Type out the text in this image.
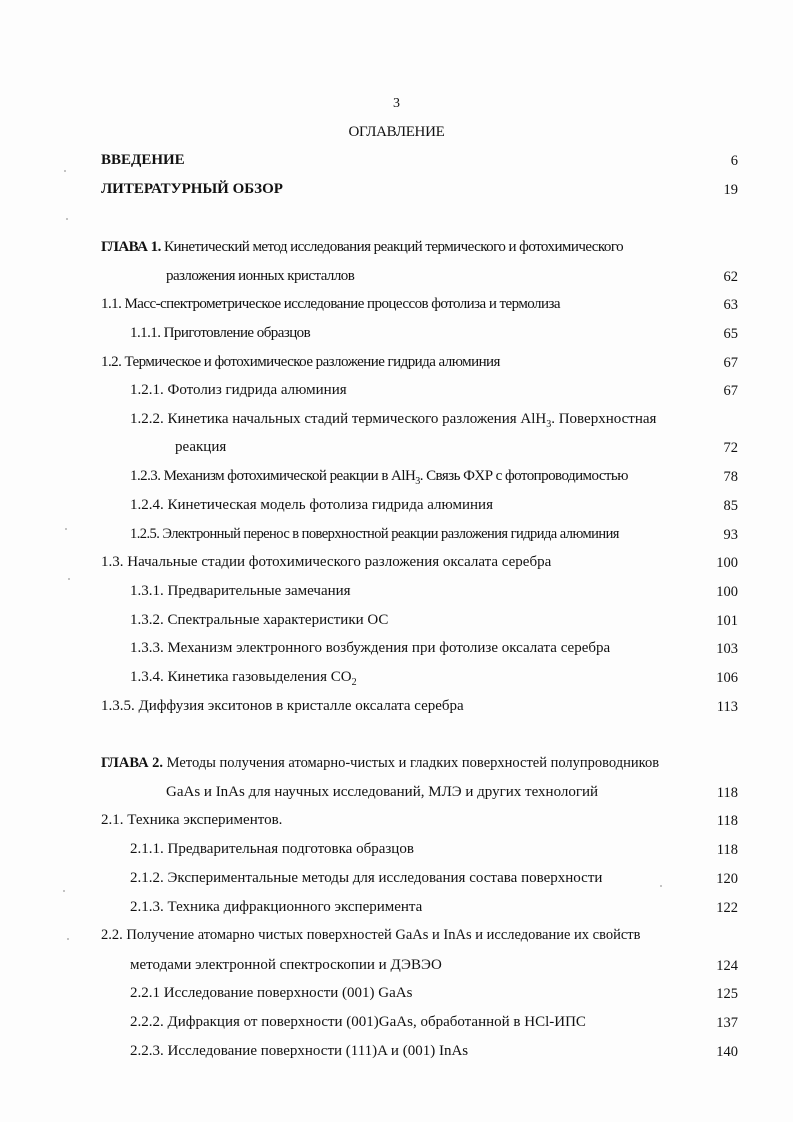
3
ОГЛАВЛЕНИЕ
ВВЕДЕНИЕ	6
ЛИТЕРАТУРНЫЙ ОБЗОР	19
ГЛАВА 1. Кинетический метод исследования реакций термического и фотохимического
разложения ионных кристаллов	62
1.1. Масс-спектрометрическое исследование процессов фотолиза и термолиза	63
1.1.1. Приготовление образцов	65
1.2. Термическое и фотохимическое разложение гидрида алюминия	67
1.2.1. Фотолиз гидрида алюминия	67
1.2.2. Кинетика начальных стадий термического разложения AlH$_3$. Поверхностная
реакция	72
1.2.3. Механизм фотохимической реакции в AlH$_3$. Связь ФХР с фотопроводимостью	78
1.2.4. Кинетическая модель фотолиза гидрида алюминия	85
1.2.5. Электронный перенос в поверхностной реакции разложения гидрида алюминия	93
1.3. Начальные стадии фотохимического разложения оксалата серебра	100
1.3.1. Предварительные замечания	100
1.3.2. Спектральные характеристики ОС	101
1.3.3. Механизм электронного возбуждения при фотолизе оксалата серебра	103
1.3.4. Кинетика газовыделения $CO_2$	106
1.3.5. Диффузия экситонов в кристалле оксалата серебра	113
ГЛАВА 2. Методы получения атомарно-чистых и гладких поверхностей полупроводников
GaAs и InAs для научных исследований, МЛЭ и других технологий	118
2.1. Техника экспериментов.	118
2.1.1. Предварительная подготовка образцов	118
2.1.2. Экспериментальные методы для исследования состава поверхности	120
2.1.3. Техника дифракционного эксперимента	122
2.2. Получение атомарно чистых поверхностей GaAs и InAs и исследование их свойств
методами электронной спектроскопии и ДЭВЭО	124
2.2.1 Исследование поверхности (001) GaAs	125
2.2.2. Дифракция от поверхности (001)GaAs, обработанной в HCl-ИПС	137
2.2.3. Исследование поверхности (111)A и (001) InAs	140
